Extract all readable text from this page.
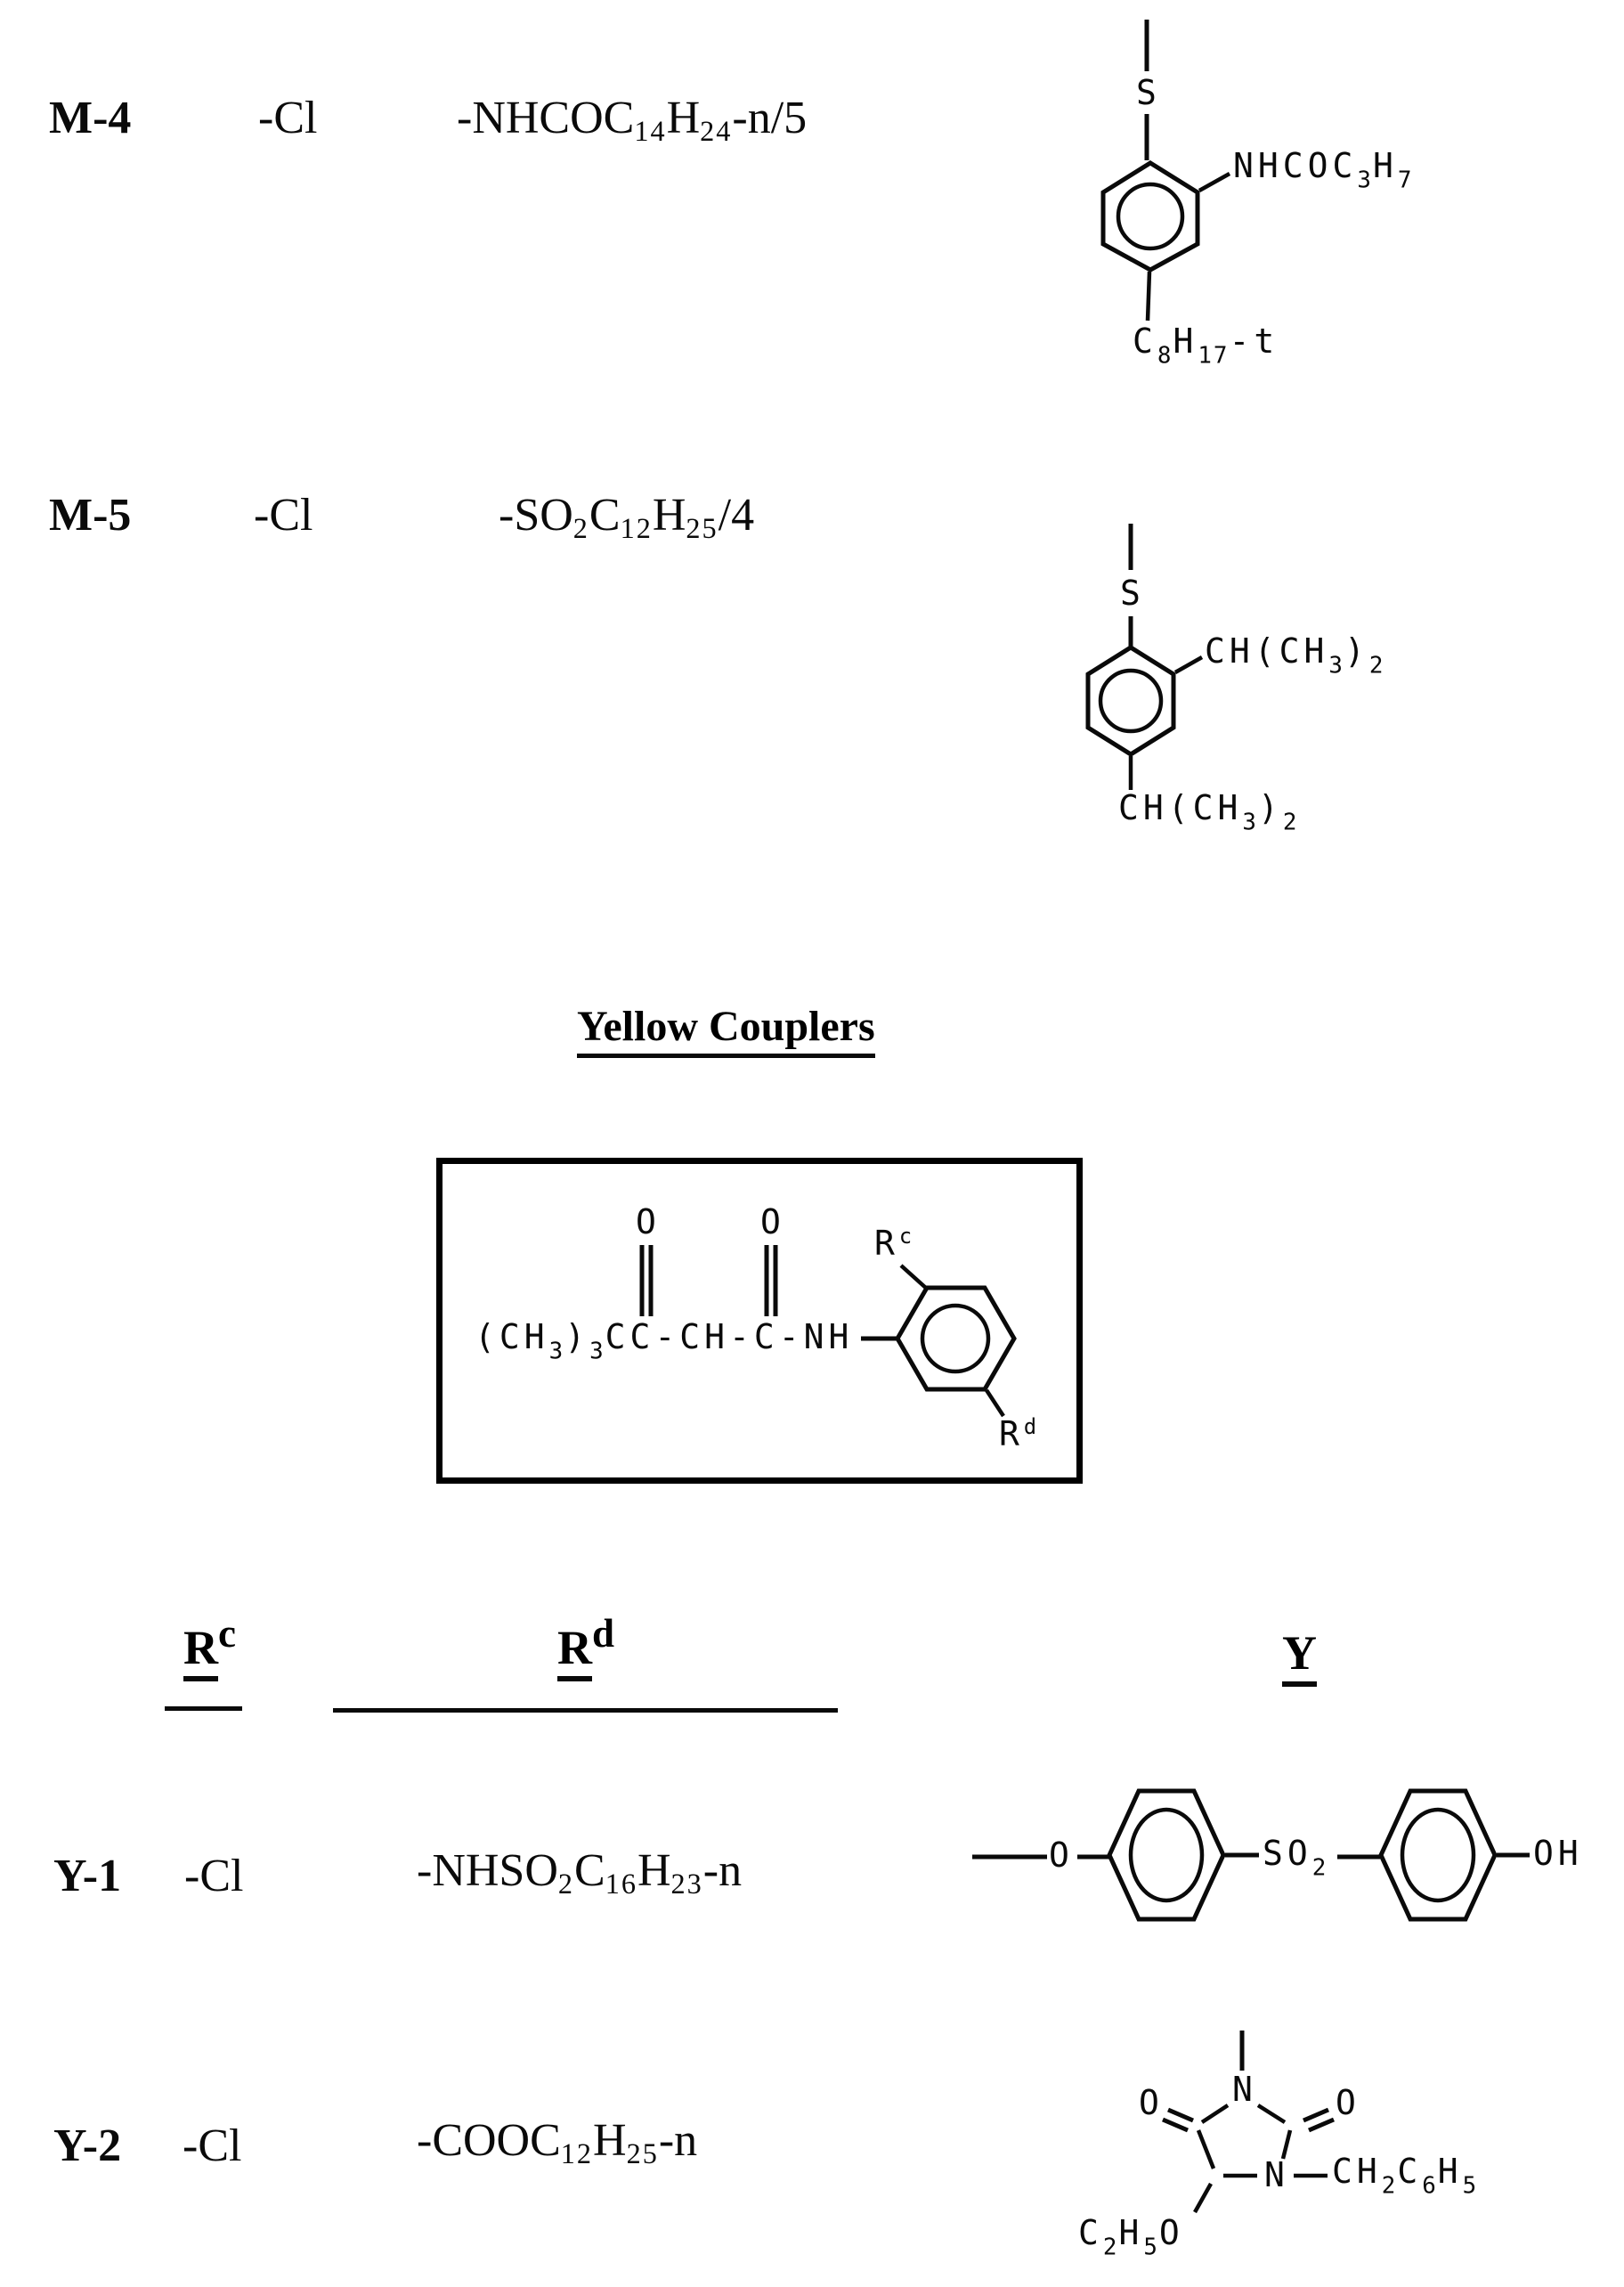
M-4	-Cl	$-NHCOC_{14}H_{24}-n/5$	S
$NHCOC_3H_7$
$C_8H_{17}-t$
M-5	-Cl	$-SO_2C_{12}H_{25}/4$
S
$CH(CH_3)_2$
$CH(CH_3)_2$
Yellow Couplers
O	O
$(CH_3)_3CC-CH-C-NH$
$R^c$
$R^d$
$R^c$	$R^d$	Y
Y-1 -Cl	$-NHSO_2C_{16}H_{23}-n$	O	$SO_2$	OH
Y-2 -Cl	$-COOC_{12}H_{25}-n$
N
N
O	O
$CH_2C_6H_5$
$C_2H_5O$
